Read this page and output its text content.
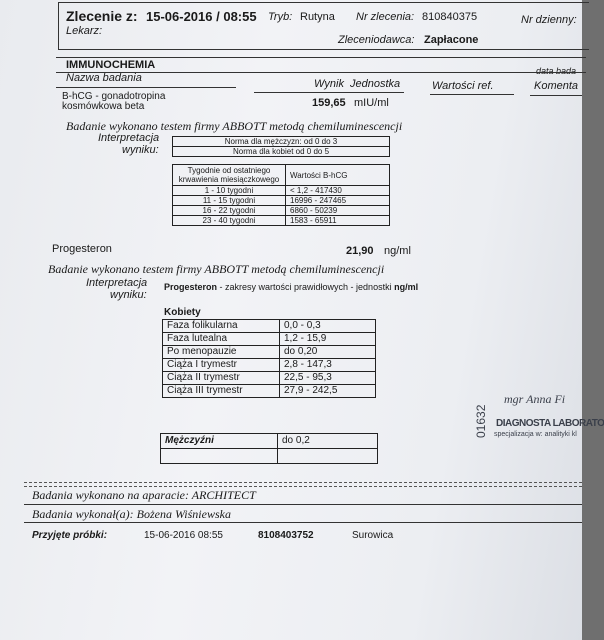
Zlecenie z: 15-06-2016 / 08:55 Tryb: Rutyna Nr zlecenia: 810840375	Nr dzienny:
Lekarz:
Zleceniodawca: Zapłacone
IMMUNOCHEMIA	data bada
Nazwa badania	Wynik Jednostka	Wartości ref.	Komenta
B-hCG - gonadotropina
kosmówkowa beta	159,65 mIU/ml
Badanie wykonano testem firmy ABBOTT metodą chemiluminescencji
Interpretacja
wyniku:
Norma dla mężczyzn: od 0 do 3
Norma dla kobiet od 0 do 5
Tygodnie od ostatniego krwawienia miesiączkowego	Wartości B-hCG
1 - 10 tygodni	< 1,2 - 417430
11 - 15 tygodni	16996 - 247465
16 - 22 tygodni	6860 - 50239
23 - 40 tygodni	1583 - 65911
Progesteron	21,90 ng/ml
Badanie wykonano testem firmy ABBOTT metodą chemiluminescencji
Interpretacja
wyniku:
Progesteron - zakresy wartości prawidłowych - jednostki ng/ml
Kobiety
Faza folikularna	0,0 - 0,3
Faza lutealna	1,2 - 15,9
Po menopauzie	do 0,20
Ciąża I trymestr	2,8 - 147,3
Ciąża II trymestr	22,5 - 95,3
Ciąża III trymestr	27,9 - 242,5
Mężczyźni	do 0,2

01632
mgr Anna Fi
DIAGNOSTA LABORATO
specjalizacja w: analityki kl
Badania wykonano na aparacie: ARCHITECT
Badania wykonał(a): Bożena Wiśniewska
Przyjęte próbki:	15-06-2016 08:55	8108403752	Surowica
